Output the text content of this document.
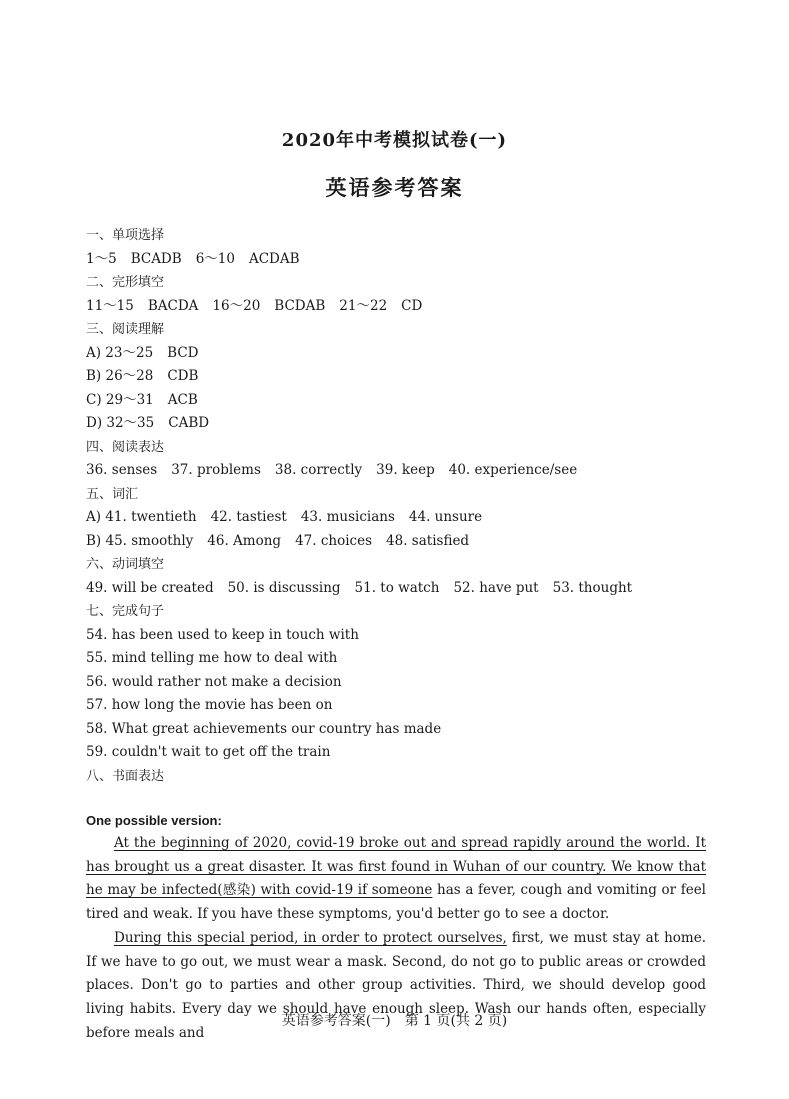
2020年中考模拟试卷(一)
英语参考答案
一、单项选择
1～5 BCADB 6～10 ACDAB
二、完形填空
11～15 BACDA 16～20 BCDAB 21～22 CD
三、阅读理解
A) 23～25 BCD
B) 26～28 CDB
C) 29～31 ACB
D) 32～35 CABD
四、阅读表达
36. senses 37. problems 38. correctly 39. keep 40. experience/see
五、词汇
A) 41. twentieth 42. tastiest 43. musicians 44. unsure
B) 45. smoothly 46. Among 47. choices 48. satisfied
六、动词填空
49. will be created 50. is discussing 51. to watch 52. have put 53. thought
七、完成句子
54. has been used to keep in touch with
55. mind telling me how to deal with
56. would rather not make a decision
57. how long the movie has been on
58. What great achievements our country has made
59. couldn't wait to get off the train
八、书面表达
One possible version:
At the beginning of 2020, covid-19 broke out and spread rapidly around the world. It has brought us a great disaster. It was first found in Wuhan of our country. We know that he may be infected(感染) with covid-19 if someone has a fever, cough and vomiting or feel tired and weak. If you have these symptoms, you'd better go to see a doctor.
During this special period, in order to protect ourselves, first, we must stay at home. If we have to go out, we must wear a mask. Second, do not go to public areas or crowded places. Don't go to parties and other group activities. Third, we should develop good living habits. Every day we should have enough sleep. Wash our hands often, especially before meals and
英语参考答案(一)　第 1 页(共 2 页)
